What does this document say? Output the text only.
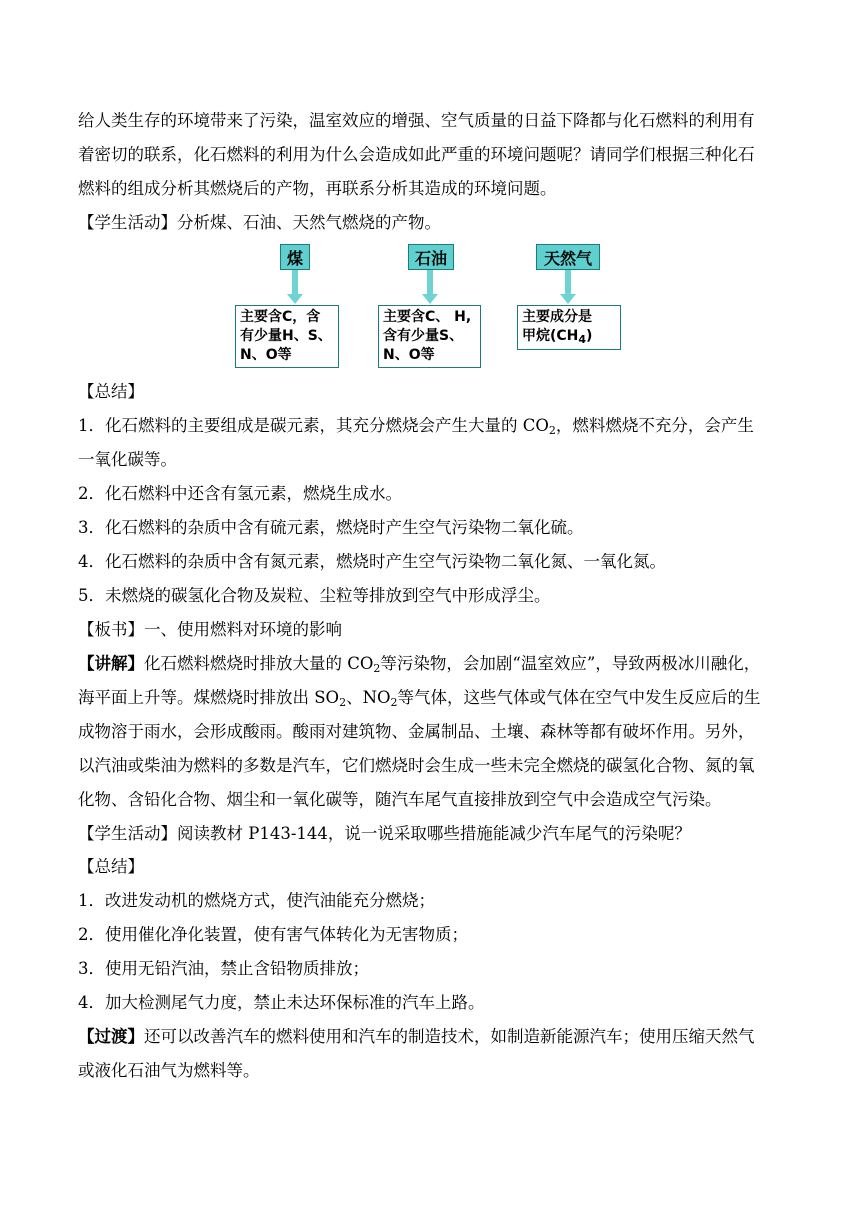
给人类生存的环境带来了污染，温室效应的增强、空气质量的日益下降都与化石燃料的利用有
着密切的联系，化石燃料的利用为什么会造成如此严重的环境问题呢？请同学们根据三种化石
燃料的组成分析其燃烧后的产物，再联系分析其造成的环境问题。
【学生活动】分析煤、石油、天然气燃烧的产物。
煤
主要含C，含
有少量H、S、
N、O等
石油
主要含C、 H,
含有少量S、
N、O等
天然气
主要成分是
甲烷$(CH_4)$
【总结】
1．化石燃料的主要组成是碳元素，其充分燃烧会产生大量的 $CO_2$，燃料燃烧不充分，会产生
一氧化碳等。
2．化石燃料中还含有氢元素，燃烧生成水。
3．化石燃料的杂质中含有硫元素，燃烧时产生空气污染物二氧化硫。
4．化石燃料的杂质中含有氮元素，燃烧时产生空气污染物二氧化氮、一氧化氮。
5．未燃烧的碳氢化合物及炭粒、尘粒等排放到空气中形成浮尘。
【板书】一、使用燃料对环境的影响
【讲解】化石燃料燃烧时排放大量的 $CO_2$等污染物，会加剧“温室效应”，导致两极冰川融化，
海平面上升等。煤燃烧时排放出 $SO_2$、$NO_2$等气体，这些气体或气体在空气中发生反应后的生
成物溶于雨水，会形成酸雨。酸雨对建筑物、金属制品、土壤、森林等都有破坏作用。另外，
以汽油或柴油为燃料的多数是汽车，它们燃烧时会生成一些未完全燃烧的碳氢化合物、氮的氧
化物、含铅化合物、烟尘和一氧化碳等，随汽车尾气直接排放到空气中会造成空气污染。
【学生活动】阅读教材 P143-144，说一说采取哪些措施能减少汽车尾气的污染呢？
【总结】
1．改进发动机的燃烧方式，使汽油能充分燃烧；
2．使用催化净化装置，使有害气体转化为无害物质；
3．使用无铅汽油，禁止含铅物质排放；
4．加大检测尾气力度，禁止未达环保标准的汽车上路。
【过渡】还可以改善汽车的燃料使用和汽车的制造技术，如制造新能源汽车；使用压缩天然气
或液化石油气为燃料等。
